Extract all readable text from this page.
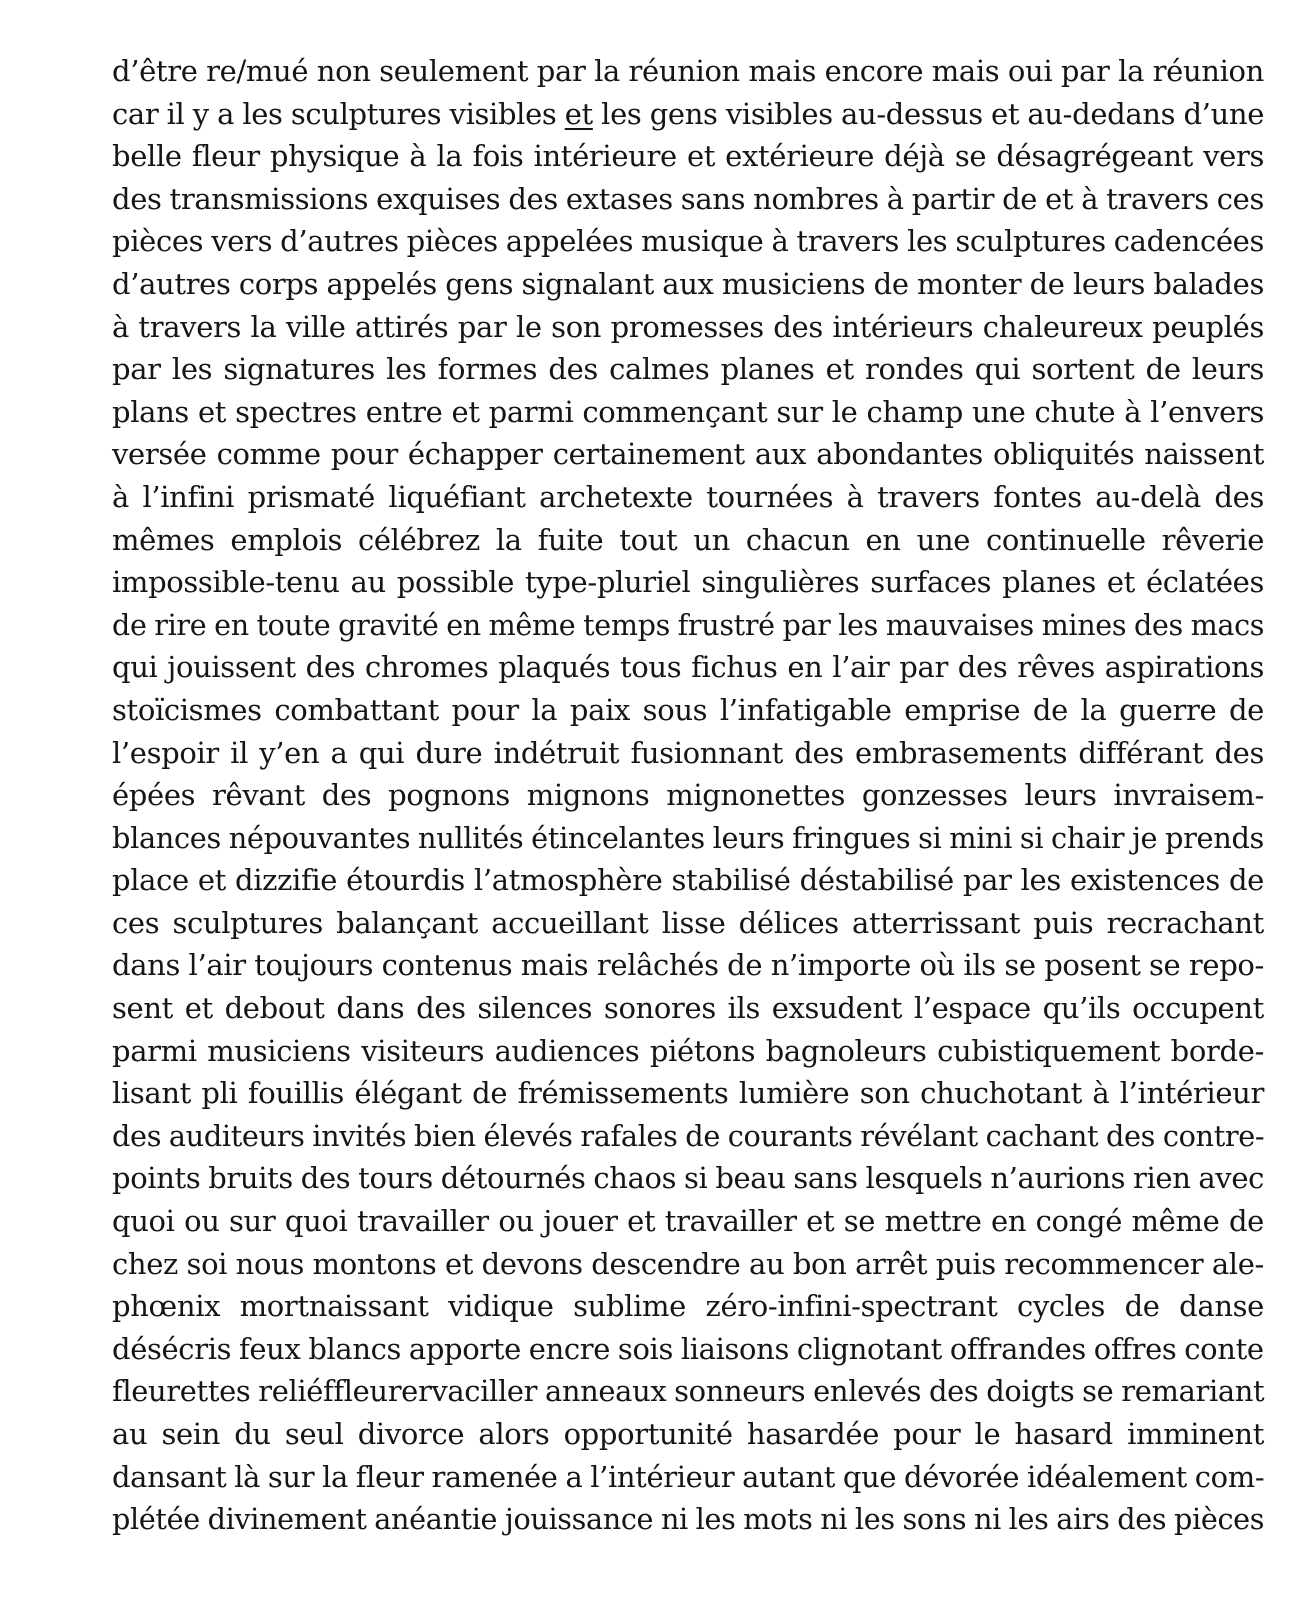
d’être re/mué non seulement par la réunion mais encore mais oui par la réunion
car il y a les sculptures visibles et les gens visibles au-dessus et au-dedans d’une
belle fleur physique à la fois intérieure et extérieure déjà se désagrégeant vers
des transmissions exquises des extases sans nombres à partir de et à travers ces
pièces vers d’autres pièces appelées musique à travers les sculptures cadencées
d’autres corps appelés gens signalant aux musiciens de monter de leurs balades
à travers la ville attirés par le son promesses des intérieurs chaleureux peuplés
par les signatures les formes des calmes planes et rondes qui sortent de leurs
plans et spectres entre et parmi commençant sur le champ une chute à l’envers
versée comme pour échapper certainement aux abondantes obliquités naissent
à l’infini prismaté liquéfiant archetexte tournées à travers fontes au-delà des
mêmes emplois célébrez la fuite tout un chacun en une continuelle rêverie
impossible-tenu au possible type-pluriel singulières surfaces planes et éclatées
de rire en toute gravité en même temps frustré par les mauvaises mines des macs
qui jouissent des chromes plaqués tous fichus en l’air par des rêves aspirations
stoïcismes combattant pour la paix sous l’infatigable emprise de la guerre de
l’espoir il y’en a qui dure indétruit fusionnant des embrasements différant des
épées rêvant des pognons mignons mignonettes gonzesses leurs invraisem-
blances népouvantes nullités étincelantes leurs fringues si mini si chair je prends
place et dizzifie étourdis l’atmosphère stabilisé déstabilisé par les existences de
ces sculptures balançant accueillant lisse délices atterrissant puis recrachant
dans l’air toujours contenus mais relâchés de n’importe où ils se posent se repo-
sent et debout dans des silences sonores ils exsudent l’espace qu’ils occupent
parmi musiciens visiteurs audiences piétons bagnoleurs cubistiquement borde-
lisant pli fouillis élégant de frémissements lumière son chuchotant à l’intérieur
des auditeurs invités bien élevés rafales de courants révélant cachant des contre-
points bruits des tours détournés chaos si beau sans lesquels n’aurions rien avec
quoi ou sur quoi travailler ou jouer et travailler et se mettre en congé même de
chez soi nous montons et devons descendre au bon arrêt puis recommencer ale-
phœnix mortnaissant vidique sublime zéro-infini-spectrant cycles de danse
désécris feux blancs apporte encre sois liaisons clignotant offrandes offres conte
fleurettes reliéffleurervaciller anneaux sonneurs enlevés des doigts se remariant
au sein du seul divorce alors opportunité hasardée pour le hasard imminent
dansant là sur la fleur ramenée a l’intérieur autant que dévorée idéalement com-
plétée divinement anéantie jouissance ni les mots ni les sons ni les airs des pièces
